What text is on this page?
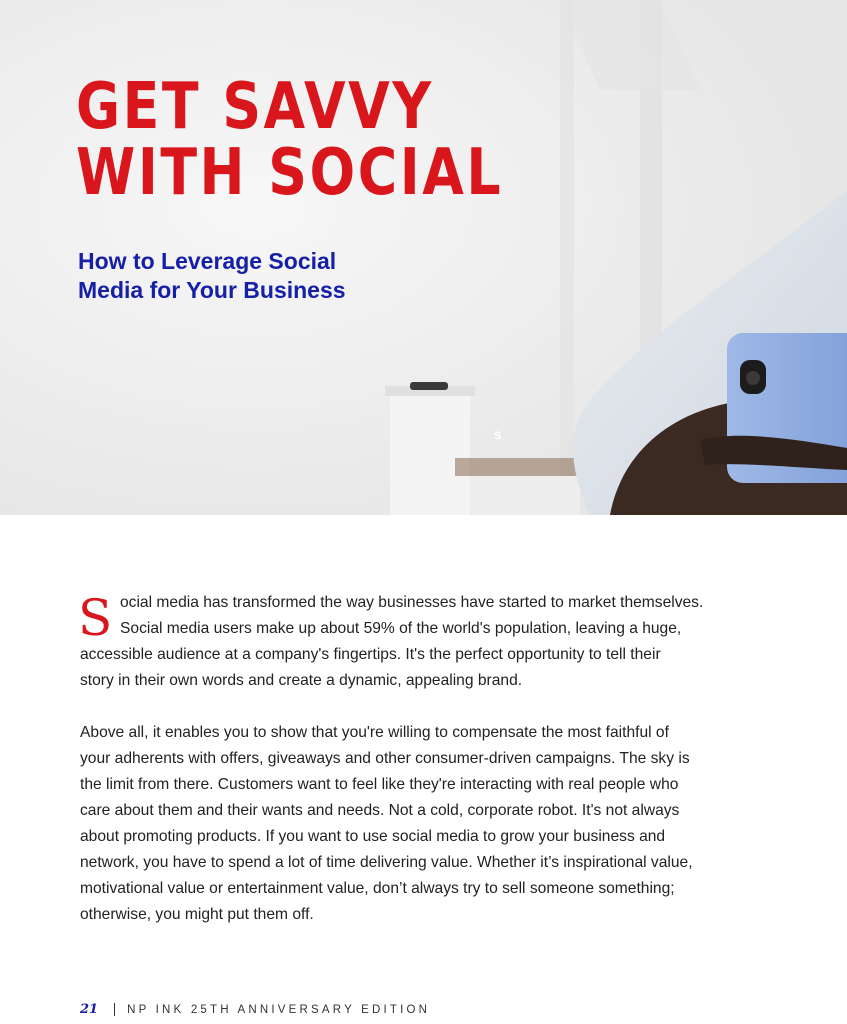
GET SAVVY
WITH SOCIAL
How to Leverage Social
Media for Your Business
S

S ocial media has transformed the way businesses have started to market themselves.
Social media users make up about 59% of the world's population, leaving a huge,
accessible audience at a company's fingertips. It's the perfect opportunity to tell their
story in their own words and create a dynamic, appealing brand.

Above all, it enables you to show that you're willing to compensate the most faithful of
your adherents with offers, giveaways and other consumer-driven campaigns. The sky is
the limit from there. Customers want to feel like they're interacting with real people who
care about them and their wants and needs. Not a cold, corporate robot. It's not always
about promoting products. If you want to use social media to grow your business and
network, you have to spend a lot of time delivering value. Whether it’s inspirational value,
motivational value or entertainment value, don’t always try to sell someone something;
otherwise, you might put them off.

21	NP INK 25TH ANNIVERSARY EDITION
